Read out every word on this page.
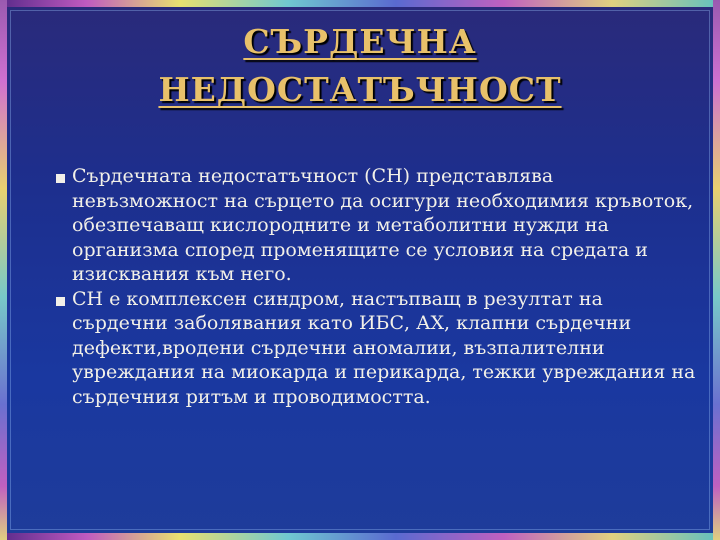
СЪРДЕЧНА
НЕДОСТАТЪЧНОСТ
Сърдечната недостатъчност (СН) представлява невъзможност на сърцето да осигури необходимия кръвоток, обезпечаващ кислородните и метаболитни нужди на организма според променящите се условия на средата и изисквания към него.
СН е комплексен синдром, настъпващ в резултат на сърдечни заболявания като ИБС, АХ, клапни сърдечни дефекти,вродени сърдечни аномалии, възпалителни увреждания на миокарда и перикарда, тежки увреждания на сърдечния ритъм и проводимостта.
